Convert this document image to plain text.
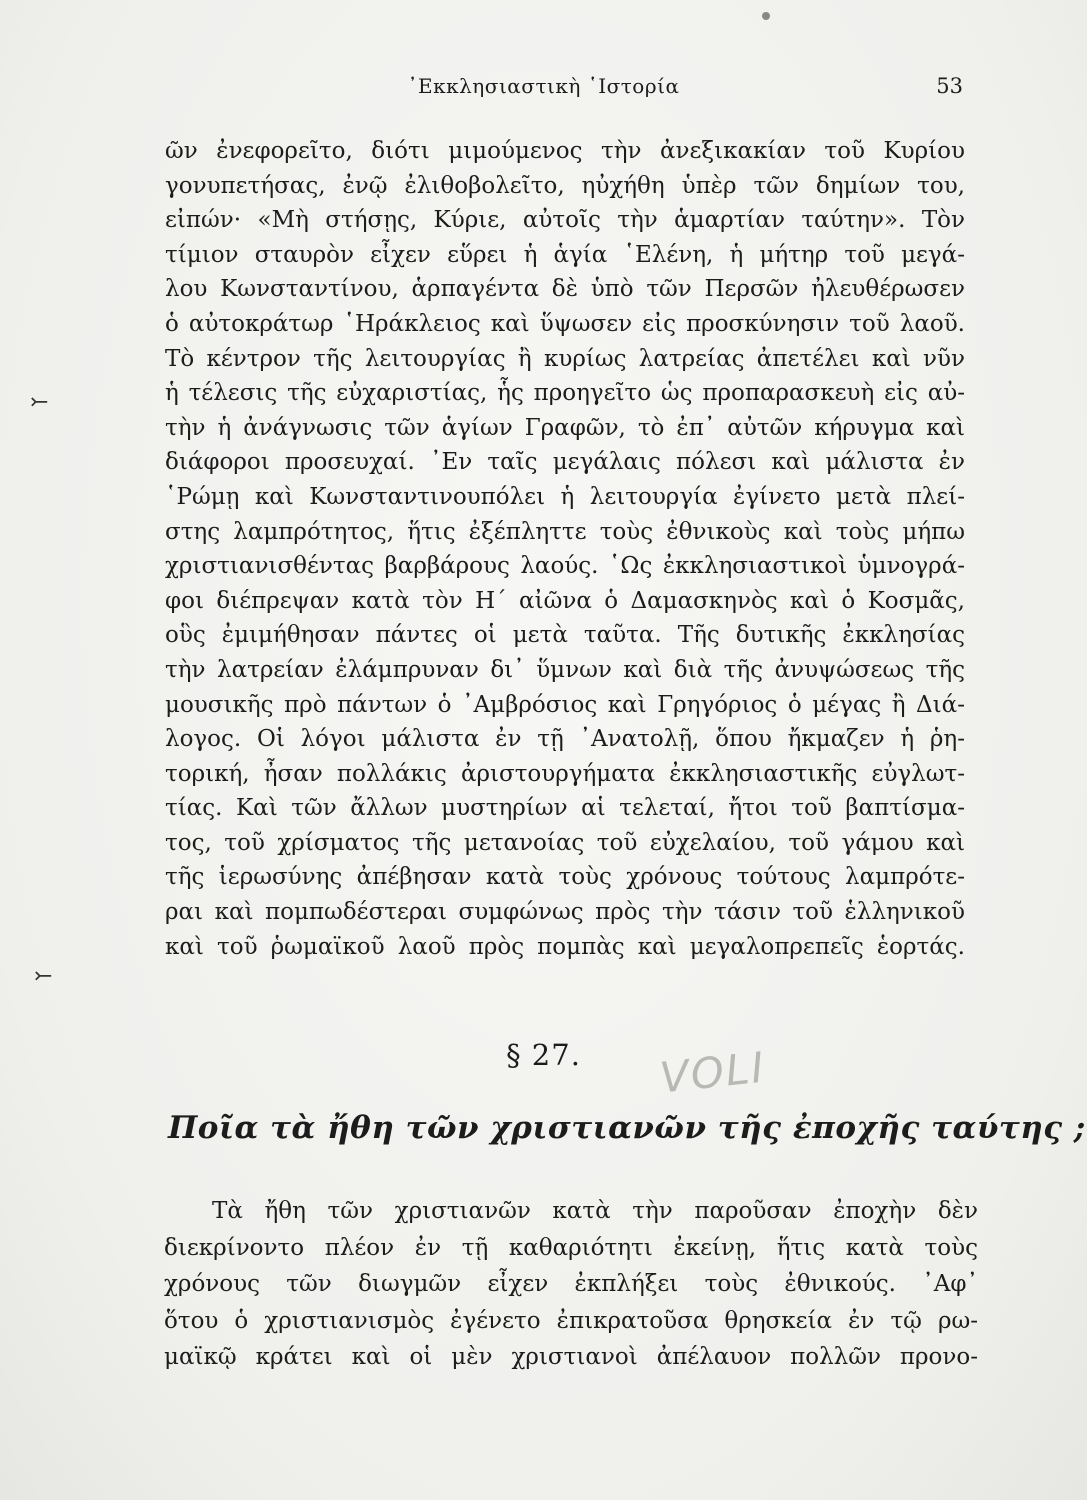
᾿Εκκλησιαστικὴ ῾Ιστορία	53
⤚
⤚
ῶν ἐνεφορεῖτο, διότι μιμούμενος τὴν ἀνεξικακίαν τοῦ Κυρίου
γονυπετήσας, ἐνῷ ἐλιθοβολεῖτο, ηὐχήθη ὑπὲρ τῶν δημίων του,
εἰπών· «Μὴ στήσῃς, Κύριε, αὐτοῖς τὴν ἁμαρτίαν ταύτην». Τὸν
τίμιον σταυρὸν εἶχεν εὕρει ἡ ἁγία ῾Ελένη, ἡ μήτηρ τοῦ μεγά-
λου Κωνσταντίνου, ἁρπαγέντα δὲ ὑπὸ τῶν Περσῶν ἠλευθέρωσεν
ὁ αὐτοκράτωρ ῾Ηράκλειος καὶ ὕψωσεν εἰς προσκύνησιν τοῦ λαοῦ.
Τὸ κέντρον τῆς λειτουργίας ἢ κυρίως λατρείας ἀπετέλει καὶ νῦν
ἡ τέλεσις τῆς εὐχαριστίας, ἧς προηγεῖτο ὡς προπαρασκευὴ εἰς αὐ-
τὴν ἡ ἀνάγνωσις τῶν ἁγίων Γραφῶν, τὸ ἐπ᾿ αὐτῶν κήρυγμα καὶ
διάφοροι προσευχαί. ᾿Εν ταῖς μεγάλαις πόλεσι καὶ μάλιστα ἐν
῾Ρώμῃ καὶ Κωνσταντινουπόλει ἡ λειτουργία ἐγίνετο μετὰ πλεί-
στης λαμπρότητος, ἥτις ἐξέπληττε τοὺς ἐθνικοὺς καὶ τοὺς μήπω
χριστιανισθέντας βαρβάρους λαούς. ῾Ως ἐκκλησιαστικοὶ ὑμνογρά-
φοι διέπρεψαν κατὰ τὸν Η´ αἰῶνα ὁ Δαμασκηνὸς καὶ ὁ Κοσμᾶς,
οὓς ἐμιμήθησαν πάντες οἱ μετὰ ταῦτα. Τῆς δυτικῆς ἐκκλησίας
τὴν λατρείαν ἐλάμπρυναν δι᾿ ὕμνων καὶ διὰ τῆς ἀνυψώσεως τῆς
μουσικῆς πρὸ πάντων ὁ ᾿Αμβρόσιος καὶ Γρηγόριος ὁ μέγας ἢ Διά-
λογος. Οἱ λόγοι μάλιστα ἐν τῇ ᾿Ανατολῇ, ὅπου ἤκμαζεν ἡ ῥη-
τορική, ἦσαν πολλάκις ἀριστουργήματα ἐκκλησιαστικῆς εὐγλωτ-
τίας. Καὶ τῶν ἄλλων μυστηρίων αἱ τελεταί, ἤτοι τοῦ βαπτίσμα-
τος, τοῦ χρίσματος τῆς μετανοίας τοῦ εὐχελαίου, τοῦ γάμου καὶ
τῆς ἱερωσύνης ἀπέβησαν κατὰ τοὺς χρόνους τούτους λαμπρότε-
ραι καὶ πομπωδέστεραι συμφώνως πρὸς τὴν τάσιν τοῦ ἑλληνικοῦ
καὶ τοῦ ῥωμαϊκοῦ λαοῦ πρὸς πομπὰς καὶ μεγαλοπρεπεῖς ἑορτάς.
§ 27.	VOLI
Ποῖα τὰ ἤθη τῶν χριστιανῶν τῆς ἐποχῆς ταύτης ;
Τὰ ἤθη τῶν χριστιανῶν κατὰ τὴν παροῦσαν ἐποχὴν δὲν
διεκρίνοντο πλέον ἐν τῇ καθαριότητι ἐκείνῃ, ἥτις κατὰ τοὺς
χρόνους τῶν διωγμῶν εἶχεν ἐκπλήξει τοὺς ἐθνικούς. ᾿Αφ᾿
ὅτου ὁ χριστιανισμὸς ἐγένετο ἐπικρατοῦσα θρησκεία ἐν τῷ ρω-
μαϊκῷ κράτει καὶ οἱ μὲν χριστιανοὶ ἀπέλαυον πολλῶν προνο-
